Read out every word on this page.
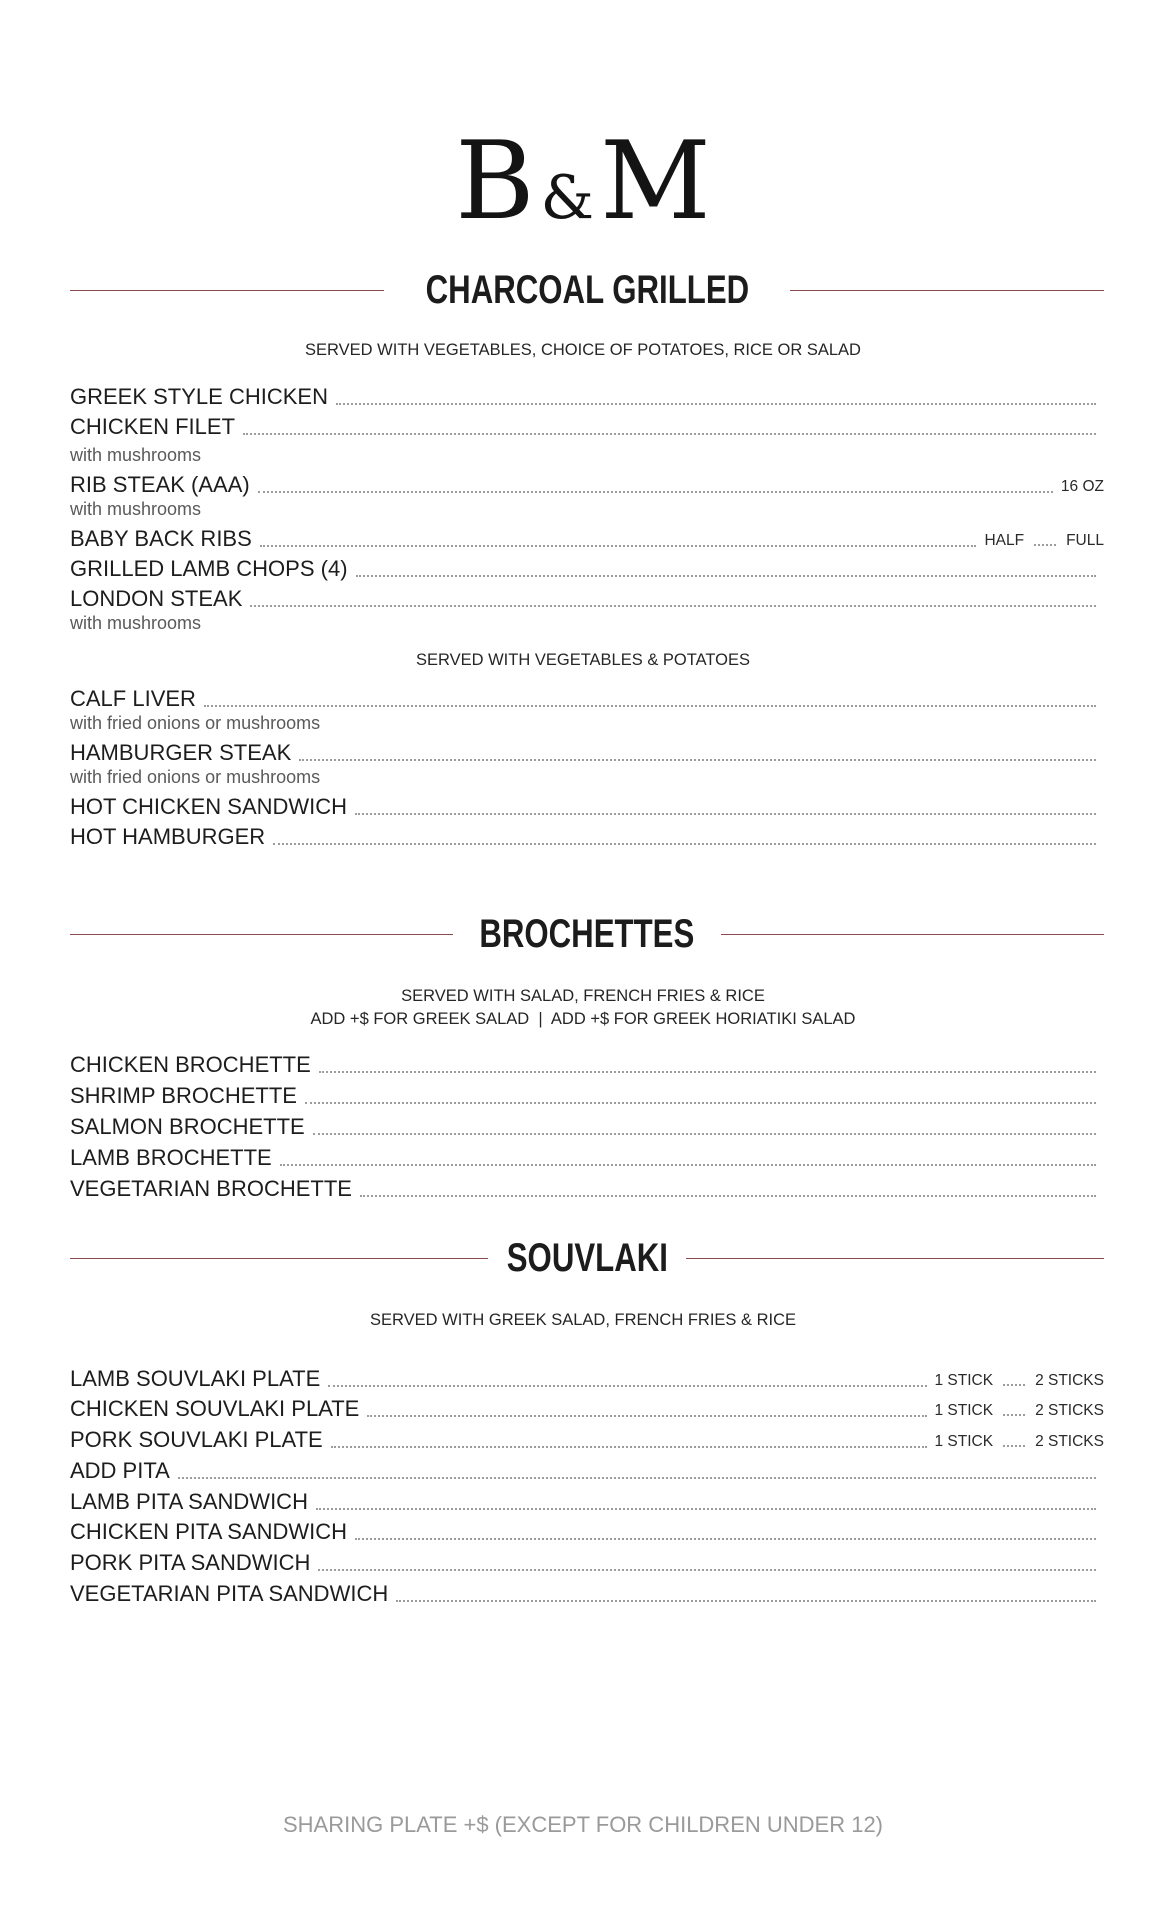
B &M
CHARCOAL GRILLED
SERVED WITH VEGETABLES, CHOICE OF POTATOES, RICE OR SALAD
GREEK STYLE CHICKEN
CHICKEN FILET
with mushrooms
RIB STEAK (AAA)	16 OZ
with mushrooms
BABY BACK RIBS	HALF	FULL
GRILLED LAMB CHOPS (4)
LONDON STEAK
with mushrooms
SERVED WITH VEGETABLES & POTATOES
CALF LIVER
with fried onions or mushrooms
HAMBURGER STEAK
with fried onions or mushrooms
HOT CHICKEN SANDWICH
HOT HAMBURGER
BROCHETTES
SERVED WITH SALAD, FRENCH FRIES & RICE
ADD +$ FOR GREEK SALAD  |  ADD +$ FOR GREEK HORIATIKI SALAD
CHICKEN BROCHETTE
SHRIMP BROCHETTE
SALMON BROCHETTE
LAMB BROCHETTE
VEGETARIAN BROCHETTE
SOUVLAKI
SERVED WITH GREEK SALAD, FRENCH FRIES & RICE
LAMB SOUVLAKI PLATE	1 STICK	2 STICKS
CHICKEN SOUVLAKI PLATE	1 STICK	2 STICKS
PORK SOUVLAKI PLATE	1 STICK	2 STICKS
ADD PITA
LAMB PITA SANDWICH
CHICKEN PITA SANDWICH
PORK PITA SANDWICH
VEGETARIAN PITA SANDWICH
SHARING PLATE +$ (EXCEPT FOR CHILDREN UNDER 12)
